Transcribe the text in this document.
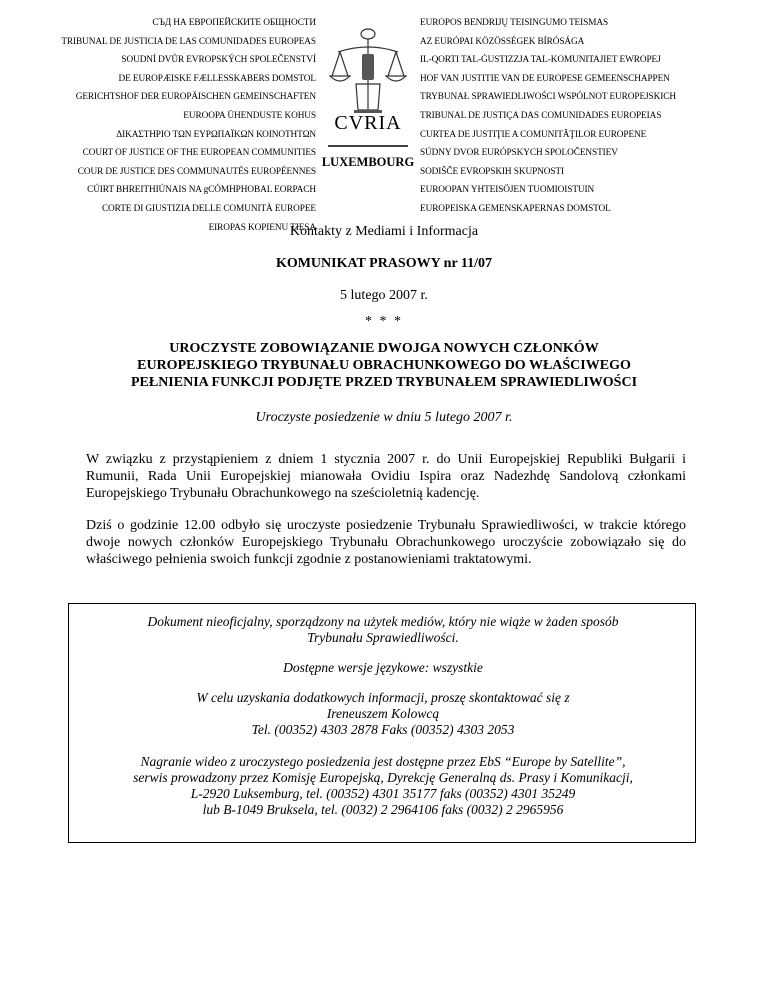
СЪД НА ЕВРОПЕЙСКИТЕ ОБЩНОСТИ
TRIBUNAL DE JUSTICIA DE LAS COMUNIDADES EUROPEAS
SOUDNÍ DVŮR EVROPSKÝCH SPOLEČENSTVÍ
DE EUROPÆISKE FÆLLESSKABERS DOMSTOL
GERICHTSHOF DER EUROPÄISCHEN GEMEINSCHAFTEN
EUROOPA ÜHENDUSTE KOHUS
ΔΙΚΑΣΤΗΡΙΟ ΤΩΝ ΕΥΡΩΠΑΪΚΩΝ ΚΟΙΝΟΤΗΤΩΝ
COURT OF JUSTICE OF THE EUROPEAN COMMUNITIES
COUR DE JUSTICE DES COMMUNAUTÉS EUROPÉENNES
CÚIRT BHREITHIÚNAIS NA gCÓMHPHOBAL EORPACH
CORTE DI GIUSTIZIA DELLE COMUNITÀ EUROPEE
EIROPAS KOPIENU TIESA
CVRIA
LUXEMBOURG
EUROPOS BENDRIJŲ TEISINGUMO TEISMAS
AZ EURÓPAI KÖZÖSSÉGEK BÍRÓSÁGA
IL-QORTI TAL-ĠUSTIZZJA TAL-KOMUNITAJIET EWROPEJ
HOF VAN JUSTITIE VAN DE EUROPESE GEMEENSCHAPPEN
TRYBUNAŁ SPRAWIEDLIWOŚCI WSPÓLNOT EUROPEJSKICH
TRIBUNAL DE JUSTIÇA DAS COMUNIDADES EUROPEIAS
CURTEA DE JUSTIŢIE A COMUNITĂŢILOR EUROPENE
SÚDNY DVOR EURÓPSKYCH SPOLOČENSTIEV
SODIŠČE EVROPSKIH SKUPNOSTI
EUROOPAN YHTEISÖJEN TUOMIOISTUIN
EUROPEISKA GEMENSKAPERNAS DOMSTOL
Kontakty z Mediami i Informacja
KOMUNIKAT PRASOWY nr 11/07
5 lutego 2007 r.
* * *
UROCZYSTE ZOBOWIĄZANIE DWOJGA NOWYCH CZŁONKÓW
EUROPEJSKIEGO TRYBUNAŁU OBRACHUNKOWEGO DO WŁAŚCIWEGO
PEŁNIENIA FUNKCJI PODJĘTE PRZED TRYBUNAŁEM SPRAWIEDLIWOŚCI
Uroczyste posiedzenie w dniu 5 lutego 2007 r.
W związku z przystąpieniem z dniem 1 stycznia 2007 r. do Unii Europejskiej Republiki Bułgarii i Rumunii, Rada Unii Europejskiej mianowała Ovidiu Ispira oraz Nadezhdę Sandolovą członkami Europejskiego Trybunału Obrachunkowego na sześcioletnią kadencję.
Dziś o godzinie 12.00 odbyło się uroczyste posiedzenie Trybunału Sprawiedliwości, w trakcie którego dwoje nowych członków Europejskiego Trybunału Obrachunkowego uroczyście zobowiązało się do właściwego pełnienia swoich funkcji zgodnie z postanowieniami traktatowymi.
Dokument nieoficjalny, sporządzony na użytek mediów, który nie wiąże w żaden sposób
Trybunału Sprawiedliwości.
Dostępne wersje językowe: wszystkie
W celu uzyskania dodatkowych informacji, proszę skontaktować się z
Ireneuszem Kolowcą
Tel. (00352) 4303 2878 Faks (00352) 4303 2053
Nagranie wideo z uroczystego posiedzenia jest dostępne przez EbS “Europe by Satellite”,
serwis prowadzony przez Komisję Europejską, Dyrekcję Generalną ds. Prasy i Komunikacji,
L-2920 Luksemburg, tel. (00352) 4301 35177 faks (00352) 4301 35249
lub B-1049 Bruksela, tel. (0032) 2 2964106 faks (0032) 2 2965956
